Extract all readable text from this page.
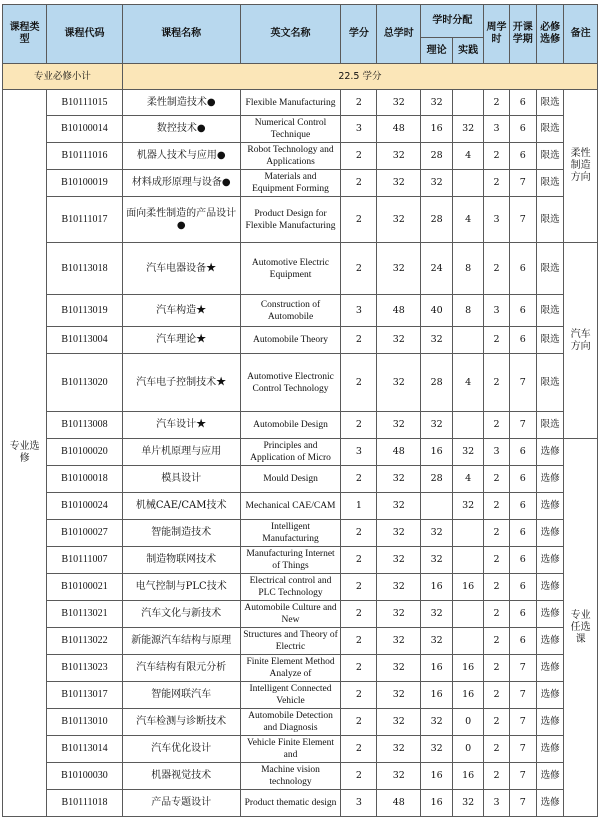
课程类型	课程代码	课程名称	英文名称	学分	总学时	学时分配		周学时	开课学期	必修选修	备注
						理论	实践				
专业必修小计		22.5 学分									
专业选修	B10111015	柔性制造技术●	Flexible Manufacturing	2	32	32		2	6	限选	柔性制造方向
	B10100014	数控技术●	Numerical Control Technique	3	48	16	32	3	6	限选	
	B10111016	机器人技术与应用●	Robot Technology and Applications	2	32	28	4	2	6	限选	
	B10100019	材料成形原理与设备●	Materials and Equipment Forming	2	32	32		2	7	限选	
	B10111017	面向柔性制造的产品设计●	Product Design for Flexible Manufacturing	2	32	28	4	3	7	限选	
	B10113018	汽车电器设备★	Automotive Electric Equipment	2	32	24	8	2	6	限选	汽车方向
	B10113019	汽车构造★	Construction of Automobile	3	48	40	8	3	6	限选	
	B10113004	汽车理论★	Automobile Theory	2	32	32		2	6	限选	
	B10113020	汽车电子控制技术★	Automotive Electronic Control Technology	2	32	28	4	2	7	限选	
	B10113008	汽车设计★	Automobile Design	2	32	32		2	7	限选	
	B10100020	单片机原理与应用	Principles and Application of Micro	3	48	16	32	3	6	选修	专业任选课
	B10100018	模具设计	Mould Design	2	32	28	4	2	6	选修	
	B10100024	机械CAE/CAM技术	Mechanical CAE/CAM	1	32		32	2	6	选修	
	B10100027	智能制造技术	Intelligent Manufacturing	2	32	32		2	6	选修	
	B10111007	制造物联网技术	Manufacturing Internet of Things	2	32	32		2	6	选修	
	B10100021	电气控制与PLC技术	Electrical control and PLC Technology	2	32	16	16	2	6	选修	
	B10113021	汽车文化与新技术	Automobile Culture and New	2	32	32		2	6	选修	
	B10113022	新能源汽车结构与原理	Structures and Theory of Electric	2	32	32		2	6	选修	
	B10113023	汽车结构有限元分析	Finite Element Method Analyze of	2	32	16	16	2	7	选修	
	B10113017	智能网联汽车	Intelligent Connected Vehicle	2	32	16	16	2	7	选修	
	B10113010	汽车检测与诊断技术	Automobile Detection and Diagnosis	2	32	32	0	2	7	选修	
	B10113014	汽车优化设计	Vehicle Finite Element and	2	32	32	0	2	7	选修	
	B10100030	机器视觉技术	Machine vision technology	2	32	16	16	2	7	选修	
	B10111018	产品专题设计	Product thematic design	3	48	16	32	3	7	选修	
